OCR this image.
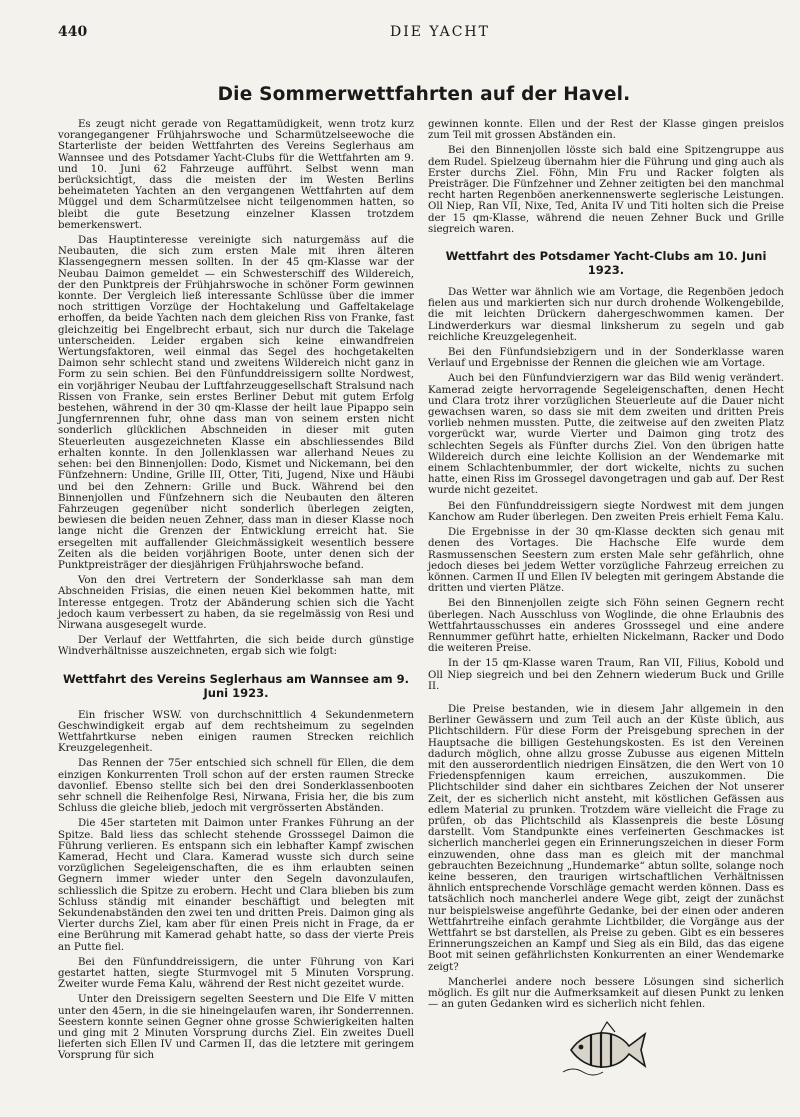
440	DIE YACHT
Die Sommerwettfahrten auf der Havel.

Es zeugt nicht gerade von Regattamüdigkeit, wenn trotz kurz vorangegangener Frühjahrswoche und Scharmützelseewoche die Starterliste der beiden Wettfahrten des Vereins Seglerhaus am Wannsee und des Potsdamer Yacht-Clubs für die Wettfahrten am 9. und 10. Juni 62 Fahrzeuge aufführt. Selbst wenn man berücksichtigt, dass die meisten der im Westen Berlins beheimateten Yachten an den vergangenen Wettfahrten auf dem Müggel und dem Scharmützelsee nicht teilgenommen hatten, so bleibt die gute Besetzung einzelner Klassen trotzdem bemerkenswert.

Das Hauptinteresse vereinigte sich naturgemäss auf die Neubauten, die sich zum ersten Male mit ihren älteren Klassengegnern messen sollten. In der 45 qm-Klasse war der Neubau Daimon gemeldet — ein Schwesterschiff des Wildereich, der den Punktpreis der Frühjahrswoche in schöner Form gewinnen konnte. Der Vergleich ließ interessante Schlüsse über die immer noch strittigen Vorzüge der Hochtakelung und Gaffeltakelage erhoffen, da beide Yachten nach dem gleichen Riss von Franke, fast gleichzeitig bei Engelbrecht erbaut, sich nur durch die Takelage unterscheiden. Leider ergaben sich keine einwandfreien Wertungsfaktoren, weil einmal das Segel des hochgetakelten Daimon sehr schlecht stand und zweitens Wildereich nicht ganz in Form zu sein schien. Bei den Fünfunddreissigern sollte Nordwest, ein vorjähriger Neubau der Luftfahrzeuggesellschaft Stralsund nach Rissen von Franke, sein erstes Berliner Debut mit gutem Erfolg bestehen, während in der 30 qm-Klasse der heilt laue Pipappo sein Jungfernrennen fuhr, ohne dass man von seinem ersten nicht sonderlich glücklichen Abschneiden in dieser mit guten Steuerleuten ausgezeichneten Klasse ein abschliessendes Bild erhalten konnte. In den Jollenklassen war allerhand Neues zu sehen: bei den Binnenjollen: Dodo, Kismet und Nickemann, bei den Fünfzehnern: Undine, Grille III, Otter, Titi, Jugend, Nixe und Häubi und bei den Zehnern: Grille und Buck. Während bei den Binnenjollen und Fünfzehnern sich die Neubauten den älteren Fahrzeugen gegenüber nicht sonderlich überlegen zeigten, bewiesen die beiden neuen Zehner, dass man in dieser Klasse noch lange nicht die Grenzen der Entwicklung erreicht hat. Sie ersegelten mit auffallender Gleichmässigkeit wesentlich bessere Zeiten als die beiden vorjährigen Boote, unter denen sich der Punktpreisträger der diesjährigen Frühjahrswoche befand.

Von den drei Vertretern der Sonderklasse sah man dem Abschneiden Frisias, die einen neuen Kiel bekommen hatte, mit Interesse entgegen. Trotz der Abänderung schien sich die Yacht jedoch kaum verbessert zu haben, da sie regelmässig von Resi und Nirwana ausgesegelt wurde.

Der Verlauf der Wettfahrten, die sich beide durch günstige Windverhältnisse auszeichneten, ergab sich wie folgt:

Wettfahrt des Vereins Seglerhaus am Wannsee am 9. Juni 1923.

Ein frischer WSW. von durchschnittlich 4 Sekundenmetern Geschwindigkeit ergab auf dem rechtsheimum zu segelnden Wettfahrtkurse neben einigen raumen Strecken reichlich Kreuzgelegenheit.

Das Rennen der 75er entschied sich schnell für Ellen, die dem einzigen Konkurrenten Troll schon auf der ersten raumen Strecke davonlief. Ebenso stellte sich bei den drei Sonderklassenbooten sehr schnell die Reihenfolge Resi, Nirwana, Frisia her, die bis zum Schluss die gleiche blieb, jedoch mit vergrösserten Abständen.

Die 45er starteten mit Daimon unter Frankes Führung an der Spitze. Bald liess das schlecht stehende Grosssegel Daimon die Führung verlieren. Es entspann sich ein lebhafter Kampf zwischen Kamerad, Hecht und Clara. Kamerad wusste sich durch seine vorzüglichen Segeleigenschaften, die es ihm erlaubten seinen Gegnern immer wieder unter den Segeln davonzulaufen, schliesslich die Spitze zu erobern. Hecht und Clara blieben bis zum Schluss ständig mit einander beschäftigt und belegten mit Sekundenabständen den zwei ten und dritten Preis. Daimon ging als Vierter durchs Ziel, kam aber für einen Preis nicht in Frage, da er eine Berührung mit Kamerad gehabt hatte, so dass der vierte Preis an Putte fiel.

Bei den Fünfunddreissigern, die unter Führung von Kari gestartet hatten, siegte Sturmvogel mit 5 Minuten Vorsprung. Zweiter wurde Fema Kalu, während der Rest nicht gezeitet wurde.

Unter den Dreissigern segelten Seestern und Die Elfe V mitten unter den 45ern, in die sie hineingelaufen waren, ihr Sonderrennen. Seestern konnte seinen Gegner ohne grosse Schwierigkeiten halten und ging mit 2 Minuten Vorsprung durchs Ziel. Ein zweites Duell lieferten sich Ellen IV und Carmen II, das die letztere mit geringem Vorsprung für sich

gewinnen konnte. Ellen und der Rest der Klasse gingen preislos zum Teil mit grossen Abständen ein.

Bei den Binnenjollen lösste sich bald eine Spitzengruppe aus dem Rudel. Spielzeug übernahm hier die Führung und ging auch als Erster durchs Ziel. Föhn, Min Fru und Racker folgten als Preisträger. Die Fünfzehner und Zehner zeitigten bei den manchmal recht harten Regenböen anerkennenswerte seglerische Leistungen. Oll Niep, Ran VII, Nixe, Ted, Anita IV und Titi holten sich die Preise der 15 qm-Klasse, während die neuen Zehner Buck und Grille siegreich waren.

Wettfahrt des Potsdamer Yacht-Clubs am 10. Juni 1923.

Das Wetter war ähnlich wie am Vortage, die Regenböen jedoch fielen aus und markierten sich nur durch drohende Wolkengebilde, die mit leichten Drückern dahergeschwommen kamen. Der Lindwerderkurs war diesmal linksherum zu segeln und gab reichliche Kreuzgelegenheit.

Bei den Fünfundsiebzigern und in der Sonderklasse waren Verlauf und Ergebnisse der Rennen die gleichen wie am Vortage.

Auch bei den Fünfundvierzigern war das Bild wenig verändert. Kamerad zeigte hervorragende Segeleigenschaften, denen Hecht und Clara trotz ihrer vorzüglichen Steuerleute auf die Dauer nicht gewachsen waren, so dass sie mit dem zweiten und dritten Preis vorlieb nehmen mussten. Putte, die zeitweise auf den zweiten Platz vorgerückt war, wurde Vierter und Daimon ging trotz des schlechten Segels als Fünfter durchs Ziel. Von den übrigen hatte Wildereich durch eine leichte Kollision an der Wendemarke mit einem Schlachtenbummler, der dort wickelte, nichts zu suchen hatte, einen Riss im Grossegel davongetragen und gab auf. Der Rest wurde nicht gezeitet.

Bei den Fünfunddreissigern siegte Nordwest mit dem jungen Kanchow am Ruder überlegen. Den zweiten Preis erhielt Fema Kalu.

Die Ergebnisse in der 30 qm-Klasse deckten sich genau mit denen des Vortages. Die Hachsche Elfe wurde dem Rasmussenschen Seestern zum ersten Male sehr gefährlich, ohne jedoch dieses bei jedem Wetter vorzügliche Fahrzeug erreichen zu können. Carmen II und Ellen IV belegten mit geringem Abstande die dritten und vierten Plätze.

Bei den Binnenjollen zeigte sich Föhn seinen Gegnern recht überlegen. Nach Ausschluss von Woglinde, die ohne Erlaubnis des Wettfahrtausschusses ein anderes Grosssegel und eine andere Rennummer geführt hatte, erhielten Nickelmann, Racker und Dodo die weiteren Preise.

In der 15 qm-Klasse waren Traum, Ran VII, Filius, Kobold und Oll Niep siegreich und bei den Zehnern wiederum Buck und Grille II.

Die Preise bestanden, wie in diesem Jahr allgemein in den Berliner Gewässern und zum Teil auch an der Küste üblich, aus Plichtschildern. Für diese Form der Preisgebung sprechen in der Hauptsache die billigen Gestehungskosten. Es ist den Vereinen dadurch möglich, ohne allzu grosse Zubusse aus eigenen Mitteln mit den ausserordentlich niedrigen Einsätzen, die den Wert von 10 Friedenspfennigen kaum erreichen, auszukommen. Die Plichtschilder sind daher ein sichtbares Zeichen der Not unserer Zeit, der es sicherlich nicht ansteht, mit köstlichen Gefässen aus edlem Material zu prunken. Trotzdem wäre vielleicht die Frage zu prüfen, ob das Plichtschild als Klassenpreis die beste Lösung darstellt. Vom Standpunkte eines verfeinerten Geschmackes ist sicherlich mancherlei gegen ein Erinnerungszeichen in dieser Form einzuwenden, ohne dass man es gleich mit der manchmal gebrauchten Bezeichnung „Hundemarke“ abtun sollte, solange noch keine besseren, den traurigen wirtschaftlichen Verhältnissen ähnlich entsprechende Vorschläge gemacht werden können. Dass es tatsächlich noch mancherlei andere Wege gibt, zeigt der zunächst nur beispielsweise angeführte Gedanke, bei der einen oder anderen Wettfahrtreihe einfach gerahmte Lichtbilder, die Vorgänge aus der Wettfahrt se bst darstellen, als Preise zu geben. Gibt es ein besseres Erinnerungszeichen an Kampf und Sieg als ein Bild, das das eigene Boot mit seinen gefährlichsten Konkurrenten an einer Wendemarke zeigt?

Mancherlei andere noch bessere Lösungen sind sicherlich möglich. Es gilt nur die Aufmerksamkeit auf diesen Punkt zu lenken — an guten Gedanken wird es sicherlich nicht fehlen.
